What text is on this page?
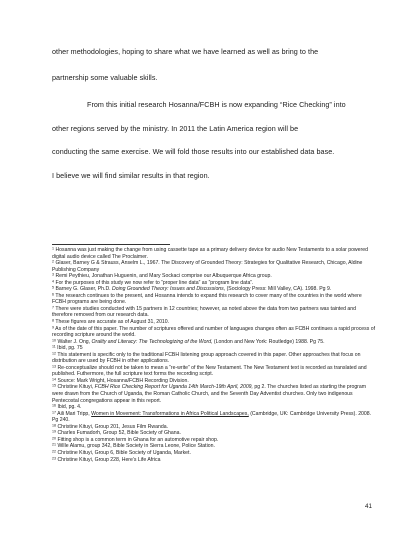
other methodologies, hoping to share what we have learned as well as bring to the
partnership some valuable skills.
From this initial research Hosanna/FCBH is now expanding “Rice Checking” into
other regions served by the ministry. In 2011 the Latin America region will be
conducting the same exercise. We will fold those results into our established data base.
I believe we will find similar results in that region.
$^1$ Hosanna was just making the change from using cassette tape as a primary delivery device for audio New Testaments to a solar powered digital audio device called The Proclaimer.
$^2$ Glaser, Barney G & Strauss, Anselm L., 1967. The Discovery of Grounded Theory: Strategies for Qualitative Research, Chicago, Aldine Publishing Company
$^3$ Remi Peythieu, Jonathan Huguenin, and Mary Sockaci comprise our Albuquerque Africa group.
$^4$ For the purposes of this study we now refer to “proper line data” as “program line data”.
$^5$ Barney G. Glaser, Ph.D. Doing Grounded Theory: Issues and Discussions, (Sociology Press: Mill Valley, CA). 1998. Pg 9.
$^6$ The research continues to the present, and Hosanna intends to expand this research to cover many of the countries in the world where FCBH programs are being done.
$^7$ There were studies conducted with 15 partners in 12 countries; however, as noted above the data from two partners was tainted and therefore removed from our research data.
$^8$ These figures are accurate as of August 31, 2010.
$^9$ As of the date of this paper. The number of scriptures offered and number of languages changes often as FCBH continues a rapid process of recording scripture around the world.
$^{10}$ Walter J. Ong, Orality and Literacy: The Technologizing of the Word, (London and New York: Routledge) 1988. Pg 75.
$^{11}$ Ibid, pg. 75
$^{12}$ This statement is specific only to the traditional FCBH listening group approach covered in this paper. Other approaches that focus on distribution are used by FCBH in other applications.
$^{13}$ Re-conceptualize should not be taken to mean a “re-write” of the New Testament. The New Testament text is recorded as translated and published. Futhermore, the full scripture text forms the recording script.
$^{14}$ Source: Mark Wright, Hosanna/FCBH Recording Division.
$^{15}$ Christine Kituyi, FCBH Rice Checking Report for Uganda 14th March-19th April, 2009, pg 2. The churches listed as starting the program were drawn from the Church of Uganda, the Roman Catholic Church, and the Seventh Day Adventist churches. Only two indigenous Pentecostal congregations appear in this report.
$^{16}$ Ibid, pg. 4.
$^{17}$ Aili Mari Tripp, Women in Movement: Transformations in Africa Political Landscapes, (Cambridge, UK: Cambridge University Press). 2008. Pg 240.
$^{18}$ Christine Kituyi, Group 201, Jesus Film Rwanda.
$^{19}$ Charles Fumadorh, Group 52, Bible Society of Ghana.
$^{20}$ Fitting shop is a common term in Ghana for an automotive repair shop.
$^{21}$ Wille Alamu, group 342, Bible Society in Sierra Leone, Police Station.
$^{22}$ Christine Kituyi, Group 6, Bible Society of Uganda, Market.
$^{23}$ Christine Kituyi, Group 228, Here’s Life Africa
41
